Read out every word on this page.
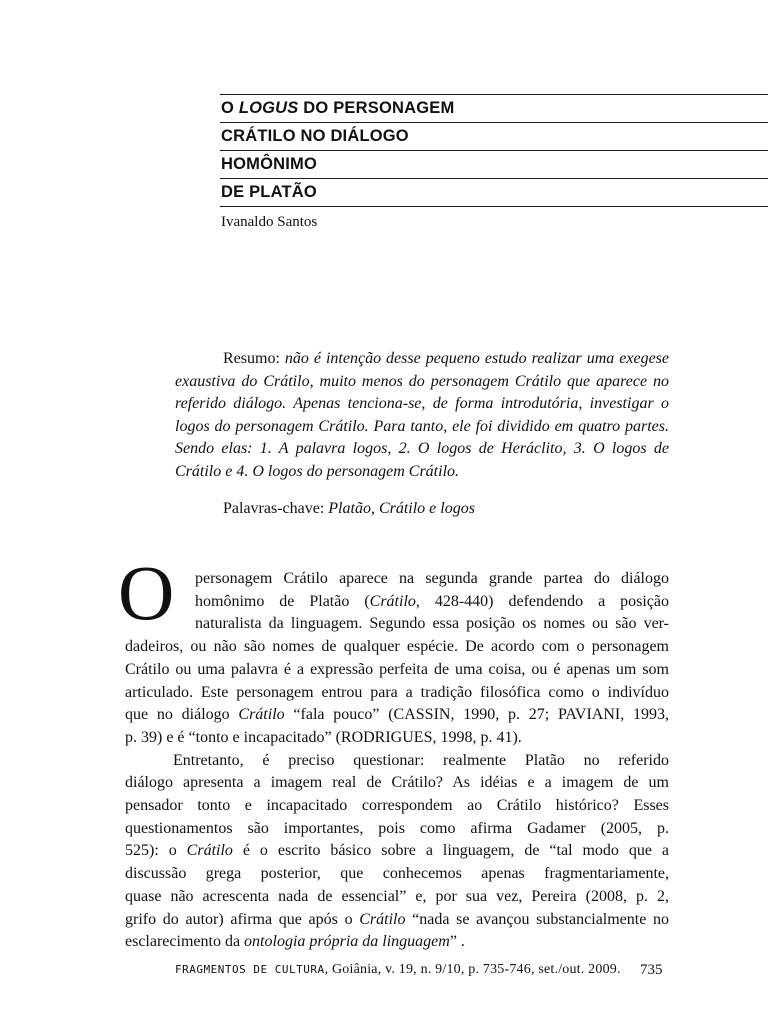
O LOGUS DO PERSONAGEM
CRÁTILO NO DIÁLOGO
HOMÔNIMO
DE PLATÃO
Ivanaldo Santos

Resumo: não é intenção desse pequeno estudo realizar uma exegese exaustiva do Crátilo, muito menos do personagem Crátilo que aparece no referido diálogo. Apenas tenciona-se, de forma introdutória, investigar o logos do personagem Crátilo. Para tanto, ele foi dividido em quatro partes. Sendo elas: 1. A palavra logos, 2. O logos de Heráclito, 3. O logos de Crátilo e 4. O logos do personagem Crátilo.

Palavras-chave: Platão, Crátilo e logos
O personagem Crátilo aparece na segunda grande partea do diálogo
homônimo de Platão (Crátilo, 428-440) defendendo a posição
naturalista da linguagem. Segundo essa posição os nomes ou são ver-
dadeiros, ou não são nomes de qualquer espécie. De acordo com o personagem
Crátilo ou uma palavra é a expressão perfeita de uma coisa, ou é apenas um som
articulado. Este personagem entrou para a tradição filosófica como o indivíduo
que no diálogo Crátilo “fala pouco” (CASSIN, 1990, p. 27; PAVIANI, 1993,
p. 39) e é “tonto e incapacitado” (RODRIGUES, 1998, p. 41).
Entretanto, é preciso questionar: realmente Platão no referido
diálogo apresenta a imagem real de Crátilo? As idéias e a imagem de um
pensador tonto e incapacitado correspondem ao Crátilo histórico? Esses
questionamentos são importantes, pois como afirma Gadamer (2005, p.
525): o Crátilo é o escrito básico sobre a linguagem, de “tal modo que a
discussão grega posterior, que conhecemos apenas fragmentariamente,
quase não acrescenta nada de essencial” e, por sua vez, Pereira (2008, p. 2,
grifo do autor) afirma que após o Crátilo “nada se avançou substancialmente no
esclarecimento da ontologia própria da linguagem” .
FRAGMENTOS DE CULTURA, Goiânia, v. 19, n. 9/10, p. 735-746, set./out. 2009. 735
